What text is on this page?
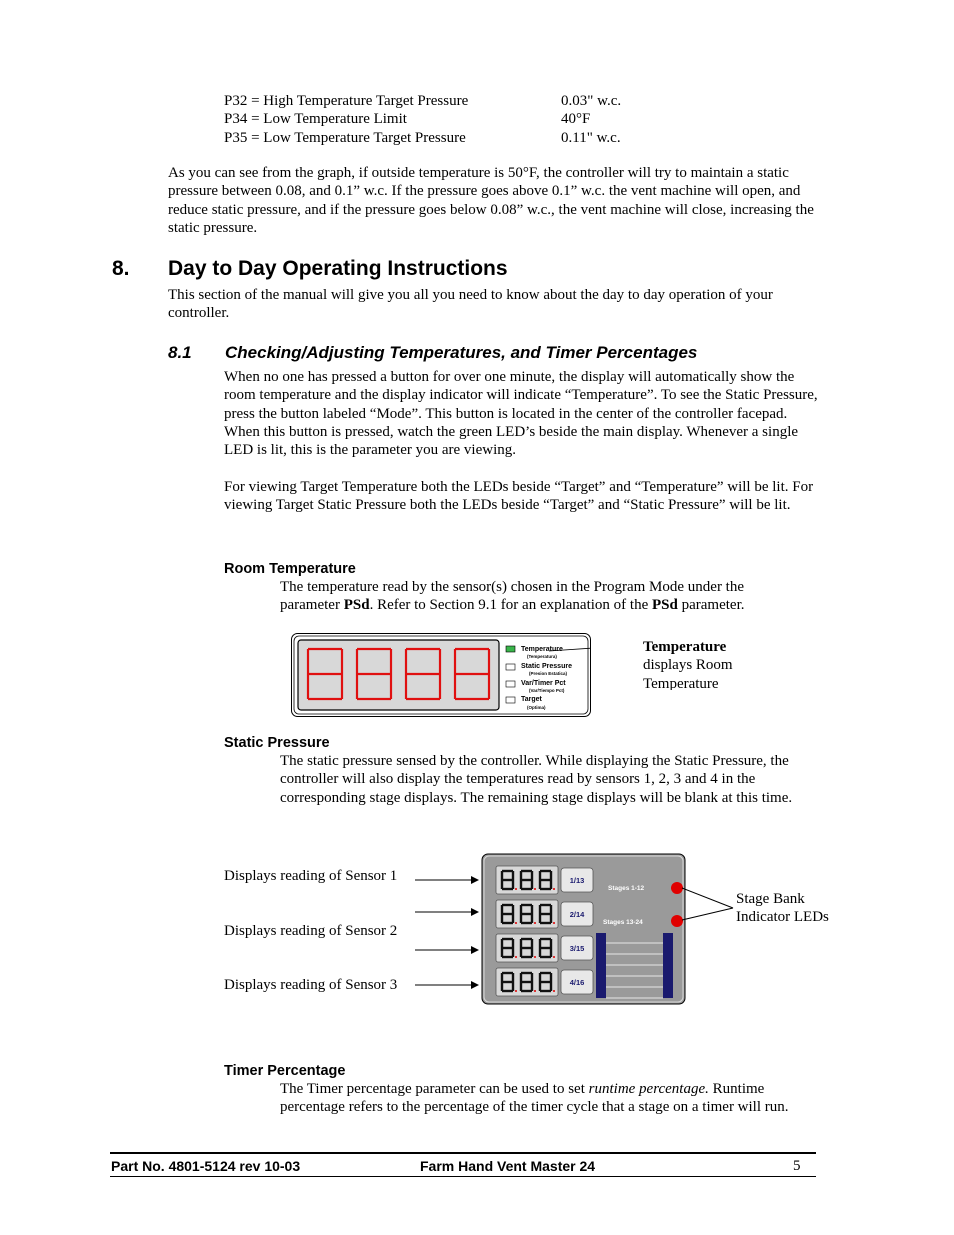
P32 = High Temperature Target Pressure	0.03" w.c.
P34 = Low Temperature Limit	40°F
P35 = Low Temperature Target Pressure	0.11" w.c.

As you can see from the graph, if outside temperature is 50°F, the controller will try to maintain a static pressure between 0.08, and 0.1” w.c. If the pressure goes above 0.1” w.c. the vent machine will open, and reduce static pressure, and if the pressure goes below 0.08” w.c., the vent machine will close, increasing the static pressure.

8. Day to Day Operating Instructions

This section of the manual will give you all you need to know about the day to day operation of your controller.

8.1 Checking/Adjusting Temperatures, and Timer Percentages

When no one has pressed a button for over one minute, the display will automatically show the room temperature and the display indicator will indicate “Temperature”. To see the Static Pressure, press the button labeled “Mode”. This button is located in the center of the controller facepad. When this button is pressed, watch the green LED’s beside the main display. Whenever a single LED is lit, this is the parameter you are viewing.

For viewing Target Temperature both the LEDs beside “Target” and “Temperature” will be lit. For viewing Target Static Pressure both the LEDs beside “Target” and “Static Pressure” will be lit.

Room Temperature

The temperature read by the sensor(s) chosen in the Program Mode under the parameter PSd. Refer to Section 9.1 for an explanation of the PSd parameter.

Temperature
(Temperatura)
Static Pressure
(Presion Estatica)
Var/Timer Pct
(Var/Tiempo Pct)
Target
(Optima)
Temperature
displays Room Temperature
Static Pressure

The static pressure sensed by the controller. While displaying the Static Pressure, the controller will also display the temperatures read by sensors 1, 2, 3 and 4 in the corresponding stage displays. The remaining stage displays will be blank at this time.

Displays reading of Sensor 1
Displays reading of Sensor 2
Displays reading of Sensor 3
1/13
2/14
3/15
4/16
Stages 1-12
Stages 13-24
Stage Bank Indicator LEDs
Timer Percentage

The Timer percentage parameter can be used to set runtime percentage. Runtime percentage refers to the percentage of the timer cycle that a stage on a timer will run.

Part No. 4801-5124 rev 10-03	Farm Hand Vent Master 24	5
